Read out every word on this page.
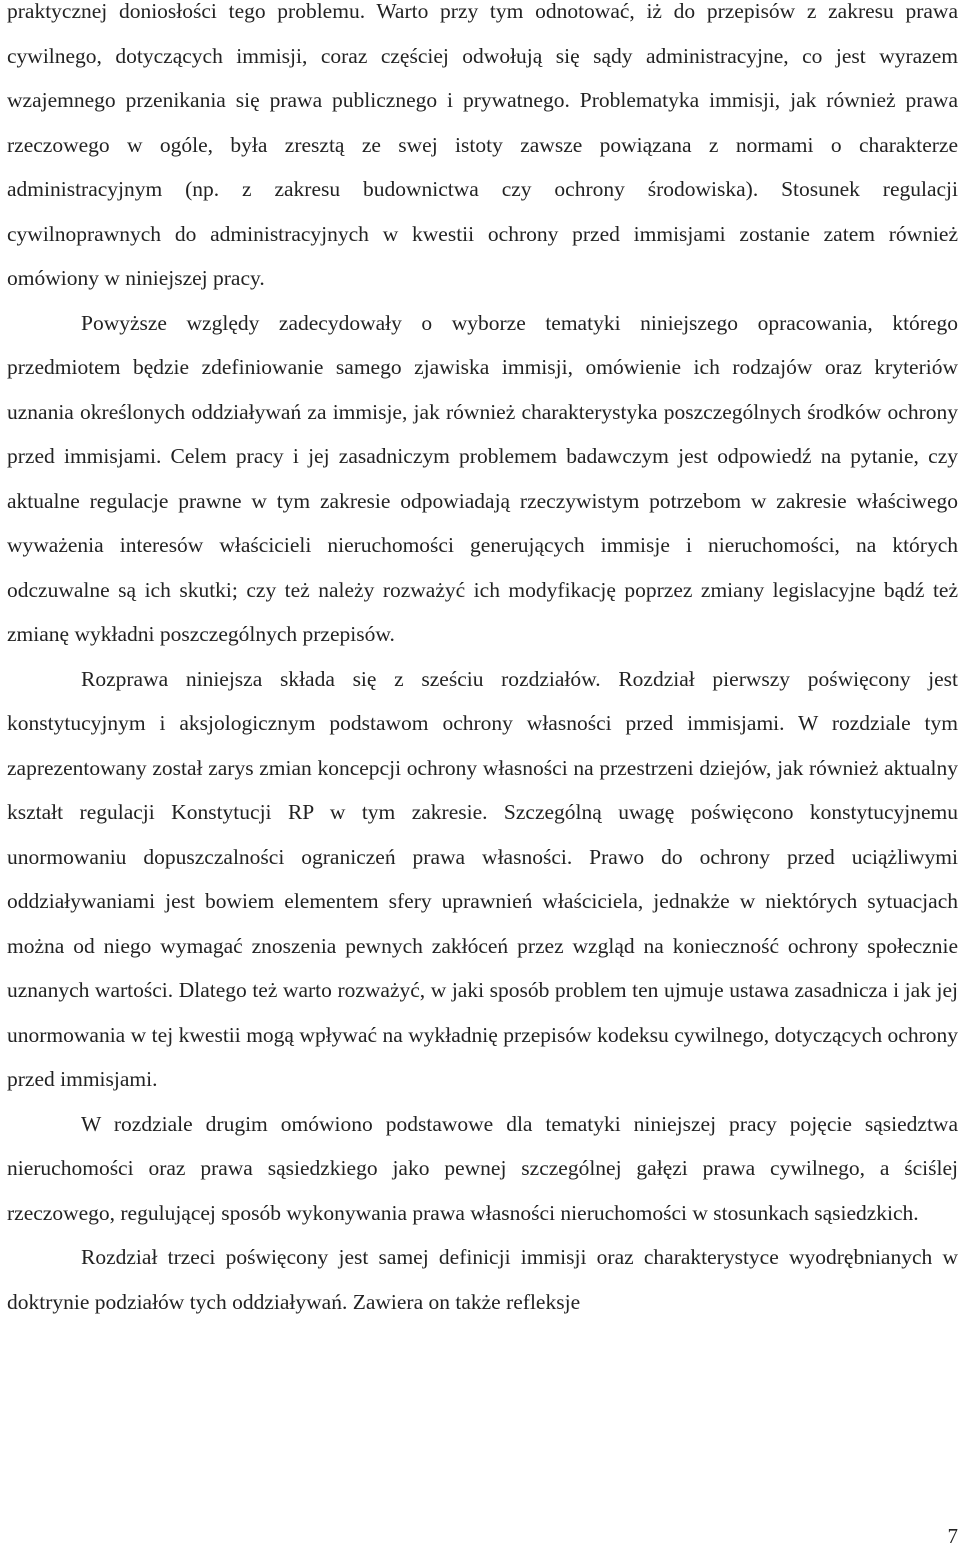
praktycznej doniosłości tego problemu. Warto przy tym odnotować, iż do przepisów z zakresu prawa cywilnego, dotyczących immisji, coraz częściej odwołują się sądy administracyjne, co jest wyrazem wzajemnego przenikania się prawa publicznego i prywatnego. Problematyka immisji, jak również prawa rzeczowego w ogóle, była zresztą ze swej istoty zawsze powiązana z normami o charakterze administracyjnym (np. z zakresu budownictwa czy ochrony środowiska). Stosunek regulacji cywilnoprawnych do administracyjnych w kwestii ochrony przed immisjami zostanie zatem również omówiony w niniejszej pracy.

Powyższe względy zadecydowały o wyborze tematyki niniejszego opracowania, którego przedmiotem będzie zdefiniowanie samego zjawiska immisji, omówienie ich rodzajów oraz kryteriów uznania określonych oddziaływań za immisje, jak również charakterystyka poszczególnych środków ochrony przed immisjami. Celem pracy i jej zasadniczym problemem badawczym jest odpowiedź na pytanie, czy aktualne regulacje prawne w tym zakresie odpowiadają rzeczywistym potrzebom w zakresie właściwego wyważenia interesów właścicieli nieruchomości generujących immisje i nieruchomości, na których odczuwalne są ich skutki; czy też należy rozważyć ich modyfikację poprzez zmiany legislacyjne bądź też zmianę wykładni poszczególnych przepisów.

Rozprawa niniejsza składa się z sześciu rozdziałów. Rozdział pierwszy poświęcony jest konstytucyjnym i aksjologicznym podstawom ochrony własności przed immisjami. W rozdziale tym zaprezentowany został zarys zmian koncepcji ochrony własności na przestrzeni dziejów, jak również aktualny kształt regulacji Konstytucji RP w tym zakresie. Szczególną uwagę poświęcono konstytucyjnemu unormowaniu dopuszczalności ograniczeń prawa własności. Prawo do ochrony przed uciążliwymi oddziaływaniami jest bowiem elementem sfery uprawnień właściciela, jednakże w niektórych sytuacjach można od niego wymagać znoszenia pewnych zakłóceń przez wzgląd na konieczność ochrony społecznie uznanych wartości. Dlatego też warto rozważyć, w jaki sposób problem ten ujmuje ustawa zasadnicza i jak jej unormowania w tej kwestii mogą wpływać na wykładnię przepisów kodeksu cywilnego, dotyczących ochrony przed immisjami.

W rozdziale drugim omówiono podstawowe dla tematyki niniejszej pracy pojęcie sąsiedztwa nieruchomości oraz prawa sąsiedzkiego jako pewnej szczególnej gałęzi prawa cywilnego, a ściślej rzeczowego, regulującej sposób wykonywania prawa własności nieruchomości w stosunkach sąsiedzkich.

Rozdział trzeci poświęcony jest samej definicji immisji oraz charakterystyce wyodrębnianych w doktrynie podziałów tych oddziaływań. Zawiera on także refleksje

7
